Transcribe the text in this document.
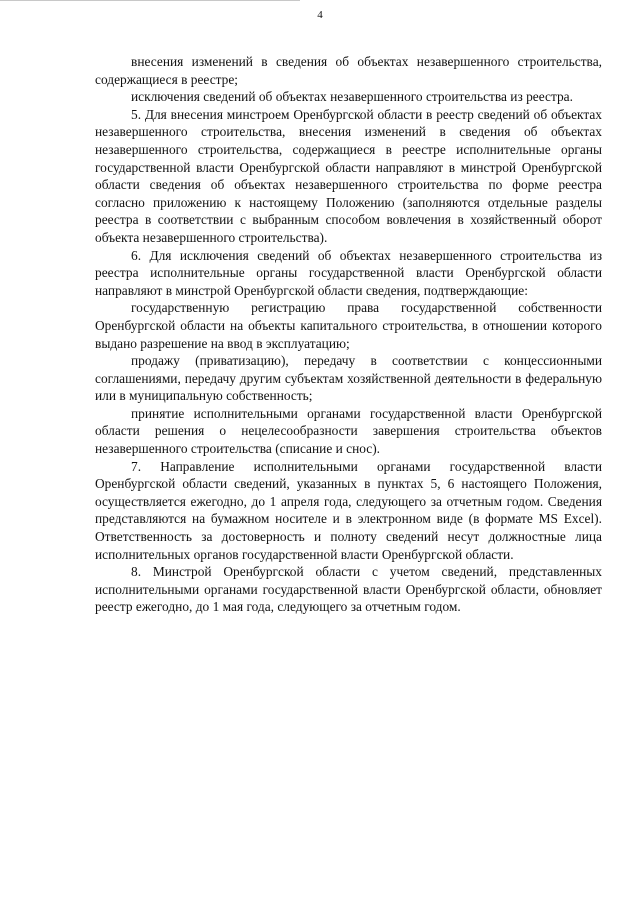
4

внесения изменений в сведения об объектах незавершенного строительства, содержащиеся в реестре;

исключения сведений об объектах незавершенного строительства из реестра.

5. Для внесения минстроем Оренбургской области в реестр сведений об объектах незавершенного строительства, внесения изменений в сведения об объектах незавершенного строительства, содержащиеся в реестре исполнительные органы государственной власти Оренбургской области направляют в минстрой Оренбургской области сведения об объектах незавершенного строительства по форме реестра согласно приложению к настоящему Положению (заполняются отдельные разделы реестра в соответствии с выбранным способом вовлечения в хозяйственный оборот объекта незавершенного строительства).

6. Для исключения сведений об объектах незавершенного строительства из реестра исполнительные органы государственной власти Оренбургской области направляют в минстрой Оренбургской области сведения, подтверждающие:

государственную регистрацию права государственной собственности Оренбургской области на объекты капитального строительства, в отношении которого выдано разрешение на ввод в эксплуатацию;

продажу (приватизацию), передачу в соответствии с концессионными соглашениями, передачу другим субъектам хозяйственной деятельности в федеральную или в муниципальную собственность;

принятие исполнительными органами государственной власти Оренбургской области решения о нецелесообразности завершения строительства объектов незавершенного строительства (списание и снос).

7. Направление исполнительными органами государственной власти Оренбургской области сведений, указанных в пунктах 5, 6 настоящего Положения, осуществляется ежегодно, до 1 апреля года, следующего за отчетным годом. Сведения представляются на бумажном носителе и в электронном виде (в формате MS Excel). Ответственность за достоверность и полноту сведений несут должностные лица исполнительных органов государственной власти Оренбургской области.

8. Минстрой Оренбургской области с учетом сведений, представленных исполнительными органами государственной власти Оренбургской области, обновляет реестр ежегодно, до 1 мая года, следующего за отчетным годом.
